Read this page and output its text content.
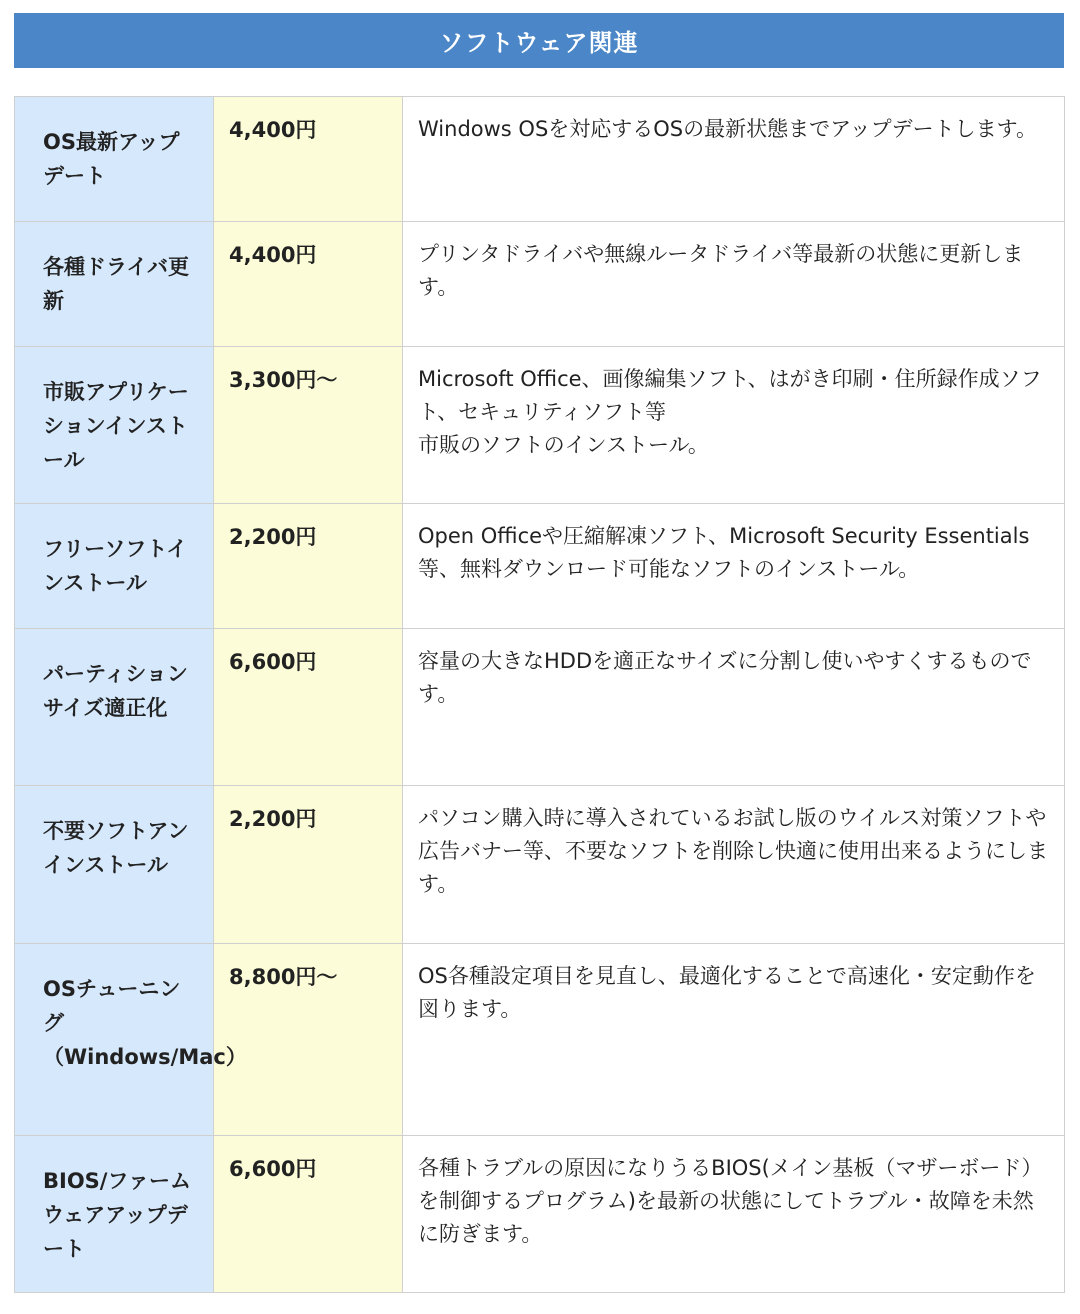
ソフトウェア関連
OS最新アップデート	4,400円	Windows OSを対応するOSの最新状態までアップデートします。

各種ドライバ更新	4,400円	プリンタドライバや無線ルータドライバ等最新の状態に更新します。

市販アプリケーションインストール	3,300円〜	Microsoft Office、画像編集ソフト、はがき印刷・住所録作成ソフト、セキュリティソフト等
市販のソフトのインストール。

フリーソフトインストール	2,200円	Open Officeや圧縮解凍ソフト、Microsoft Security Essentials等、無料ダウンロード可能なソフトのインストール。

パーティションサイズ適正化	6,600円	容量の大きなHDDを適正なサイズに分割し使いやすくするものです。

不要ソフトアンインストール	2,200円	パソコン購入時に導入されているお試し版のウイルス対策ソフトや広告バナー等、不要なソフトを削除し快適に使用出来るようにします。

OSチューニング（Windows/Mac）	8,800円〜	OS各種設定項目を見直し、最適化することで高速化・安定動作を図ります。

BIOS/ファームウェアアップデート	6,600円	各種トラブルの原因になりうるBIOS(メイン基板（マザーボード）を制御するプログラム)を最新の状態にしてトラブル・故障を未然に防ぎます。
